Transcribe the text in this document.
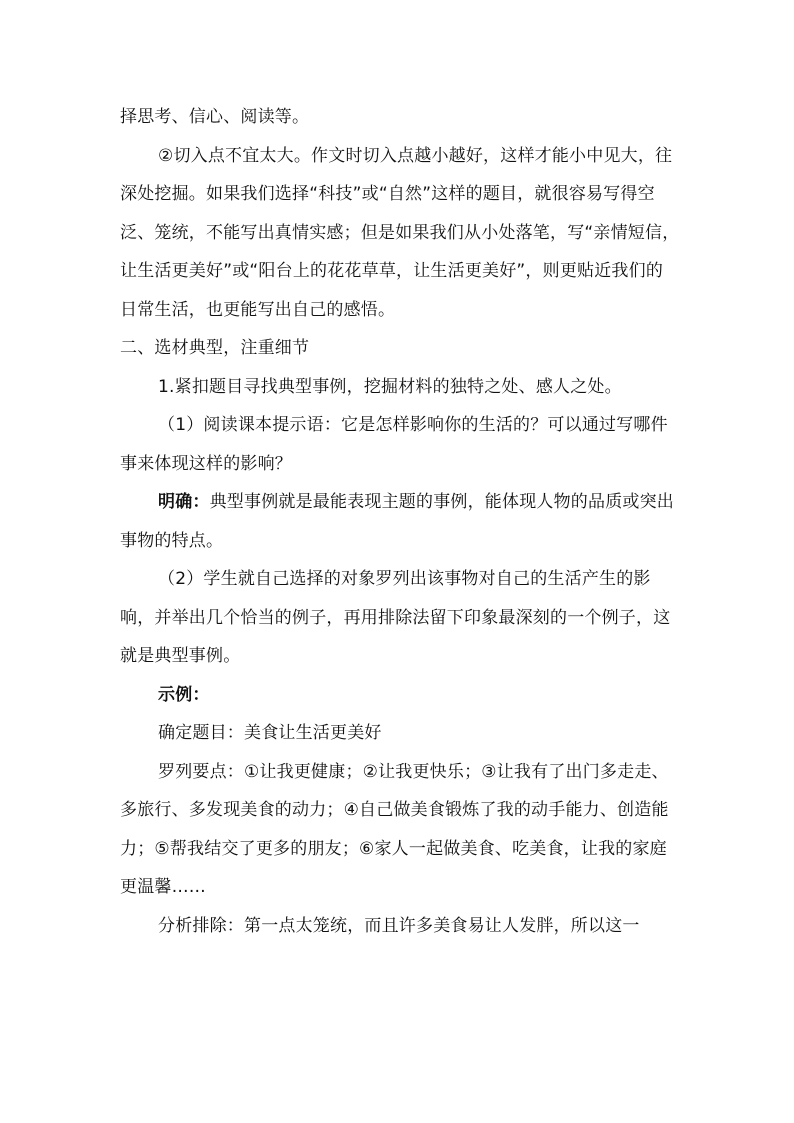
择思考、信心、阅读等。

②切入点不宜太大。作文时切入点越小越好，这样才能小中见大，往深处挖掘。如果我们选择“科技”或“自然”这样的题目，就很容易写得空泛、笼统，不能写出真情实感；但是如果我们从小处落笔，写“亲情短信，让生活更美好”或“阳台上的花花草草，让生活更美好”，则更贴近我们的日常生活，也更能写出自己的感悟。

二、选材典型，注重细节

1.紧扣题目寻找典型事例，挖掘材料的独特之处、感人之处。

（1）阅读课本提示语：它是怎样影响你的生活的？可以通过写哪件事来体现这样的影响？

明确：典型事例就是最能表现主题的事例，能体现人物的品质或突出事物的特点。

（2）学生就自己选择的对象罗列出该事物对自己的生活产生的影响，并举出几个恰当的例子，再用排除法留下印象最深刻的一个例子，这就是典型事例。

示例：

确定题目：美食让生活更美好

罗列要点：①让我更健康；②让我更快乐；③让我有了出门多走走、多旅行、多发现美食的动力；④自己做美食锻炼了我的动手能力、创造能力；⑤帮我结交了更多的朋友；⑥家人一起做美食、吃美食，让我的家庭更温馨……

分析排除：第一点太笼统，而且许多美食易让人发胖，所以这一
